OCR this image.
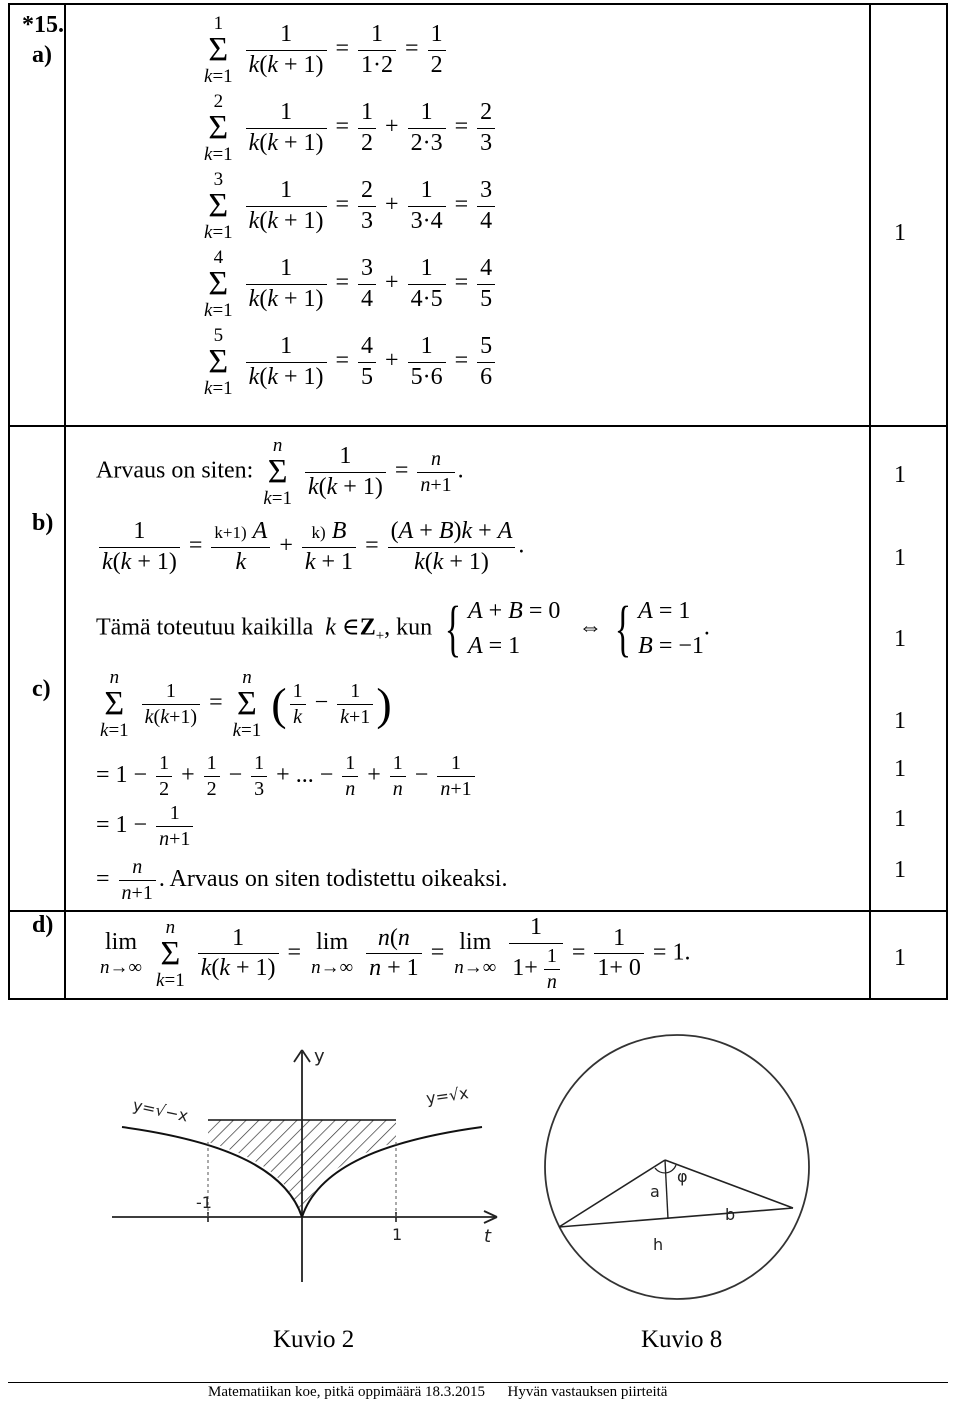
*15.
a)
b)
c)
d)
1
1
1
1
1
1
1
1
1
1
Σ
k=1
$\frac{1}{k(k + 1)} = \frac{1}{1\cdot 2} = \frac{1}{2}$
2
Σ
k=1
$\frac{1}{k(k + 1)} = \frac{1}{2} + \frac{1}{2\cdot 3} = \frac{2}{3}$
3
Σ
k=1
$\frac{1}{k(k + 1)} = \frac{2}{3} + \frac{1}{3\cdot 4} = \frac{3}{4}$
4
Σ
k=1
$\frac{1}{k(k + 1)} = \frac{3}{4} + \frac{1}{4\cdot 5} = \frac{4}{5}$
5
Σ
k=1
$\frac{1}{k(k + 1)} = \frac{4}{5} + \frac{1}{5\cdot 6} = \frac{5}{6}$
Arvaus on siten:
n
Σ
k=1
$\frac{1}{k(k + 1)} = \frac{n}{n+1}$ .
$\frac{1}{k(k + 1)} = \frac{k+1) A}{k} + \frac{k) B}{k + 1} = \frac{(A + B)k + A}{k(k + 1)}$ .
Tämä toteutuu kaikilla k $\in Z_+$, kun { A + B = 0
A = 1   ⇔ { A = 1
B = −1.
n
Σ
k=1

$\frac{1}{k(k+1)}$ =
n
Σ
k=1
( $\frac{1}{k} - \frac{1}{k+1}$ )
= $1 - \frac{1}{2} + \frac{1}{2} - \frac{1}{3}$ + ... − $\frac{1}{n} + \frac{1}{n} - \frac{1}{n+1}$
= $1 - \frac{1}{n+1}$
= $\frac{n}{n+1}$ . Arvaus on siten todistettu oikeaksi.
lim
n→∞

n
Σ
k=1
$\frac{1}{k(k + 1)} = \lim$
n→∞
$\frac{n(n}{n + 1} = \lim$
n→∞
$\frac{1}{1+ \frac{1}{n}} = \frac{1}{1+ 0} = 1$.
y
t
y=√−x	y=√x
-1
1
a
b
h
φ
Kuvio 2	Kuvio 8
Matematiikan koe, pitkä oppimäärä 18.3.2015 Hyvän vastauksen piirteitä
